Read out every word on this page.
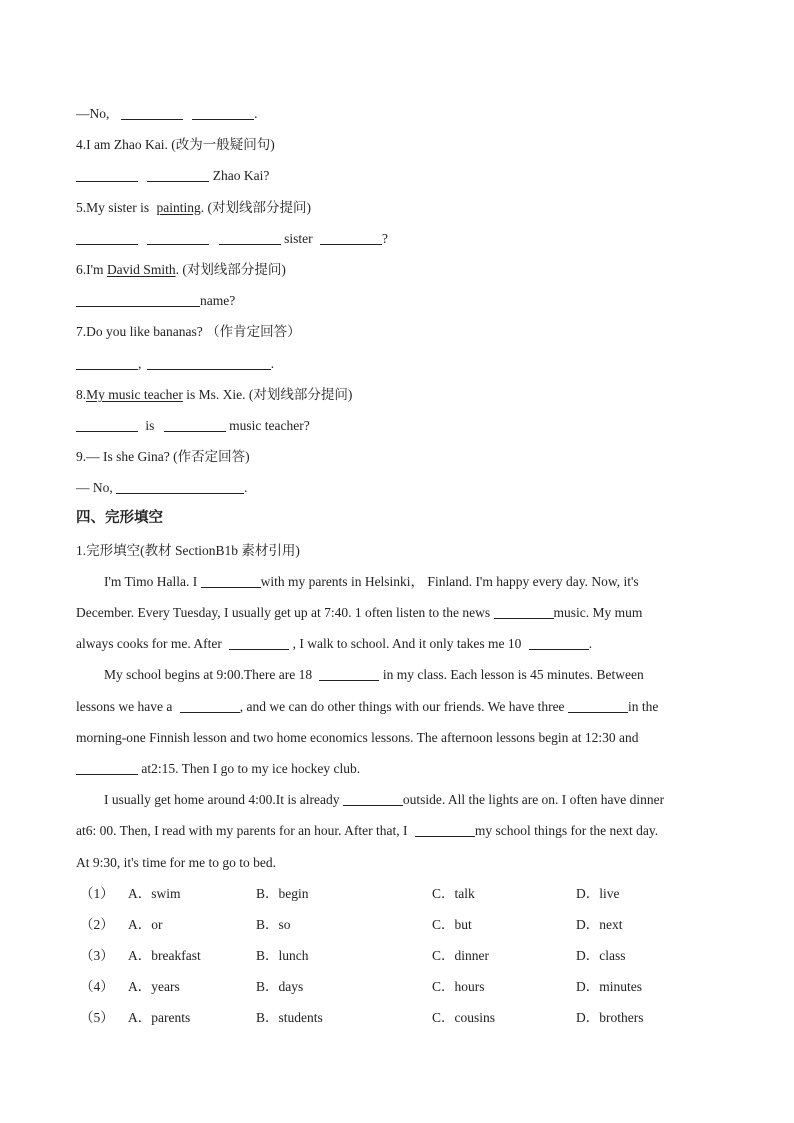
—No,	.
4.I am Zhao Kai. (改为一般疑问句)
Zhao Kai?
5.My sister is painting. (对划线部分提问)
sister	?
6.I'm David Smith. (对划线部分提问)
name?
7.Do you like bananas? （作肯定回答）
,	.
8.My music teacher is Ms. Xie. (对划线部分提问)
is	music teacher?
9.— Is she Gina? (作否定回答)
— No,	.
四、完形填空
1.完形填空(教材 SectionB1b 素材引用)
I'm Timo Halla. I	with my parents in Helsinki， Finland. I'm happy every day. Now, it's
December. Every Tuesday, I usually get up at 7:40. 1 often listen to the news	music. My mum
always cooks for me. After	, I walk to school. And it only takes me 10	.
My school begins at 9:00.There are 18	in my class. Each lesson is 45 minutes. Between
lessons we have a	, and we can do other things with our friends. We have three	in the
morning-one Finnish lesson and two home economics lessons. The afternoon lessons begin at 12:30 and
at2:15. Then I go to my ice hockey club.
I usually get home around 4:00.It is already	outside. All the lights are on. I often have dinner
at6: 00. Then, I read with my parents for an hour. After that, I	my school things for the next day.
At 9:30, it's time for me to go to bed.
（1） A．swim	B．begin	C．talk	D．live
（2） A．or	B．so	C．but	D．next
（3） A．breakfast	B．lunch	C．dinner	D．class
（4） A．years	B．days	C．hours	D．minutes
（5） A．parents	B．students	C．cousins	D．brothers
